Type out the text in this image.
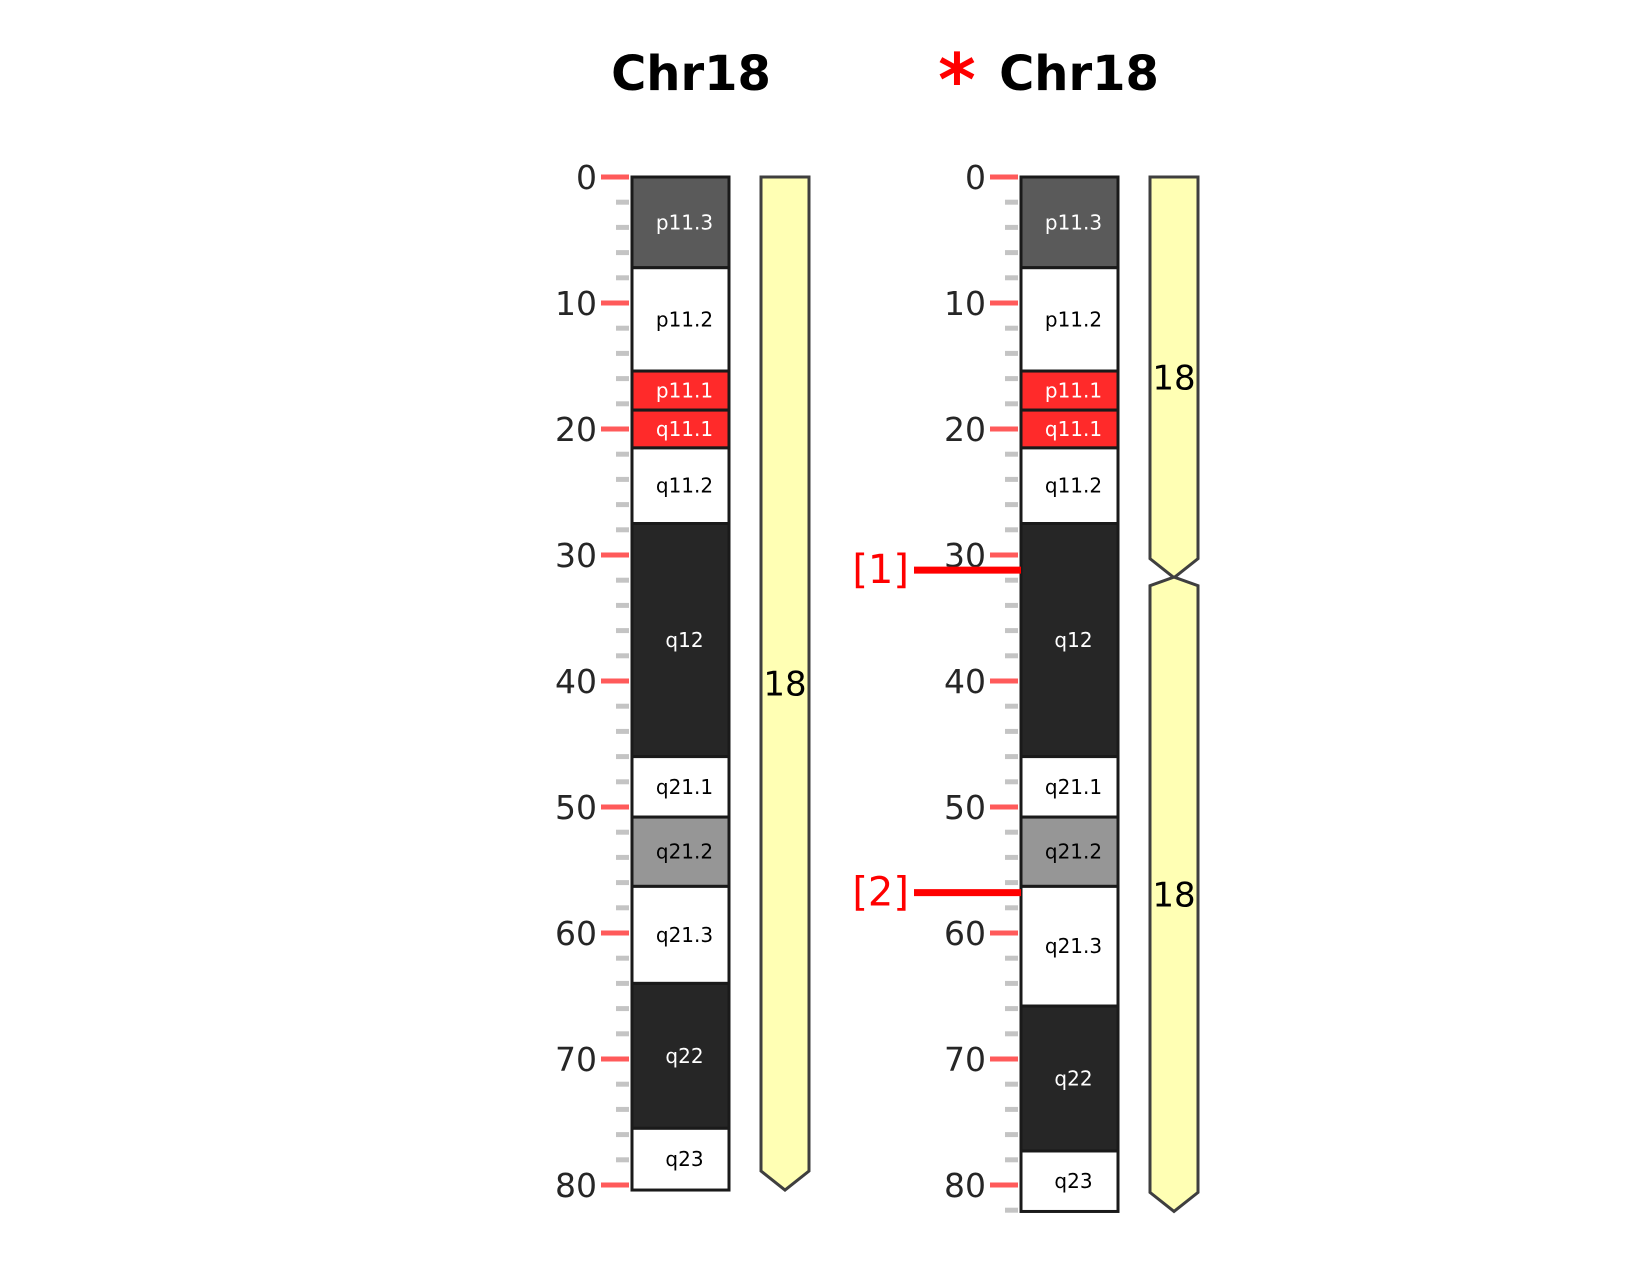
Chr18 * Chr18
0
10
20
30
40
50
60
70
80
p11.3
p11.2
p11.1
q11.1
q11.2
q12
q21.1
q21.2
q21.3
q22
q23
18
0
10
20
30
40
50
60
70
80
p11.3
p11.2
p11.1
q11.1
q11.2
q12
q21.1
q21.2
q21.3
q22
q23
18
18
[1]
[2]
